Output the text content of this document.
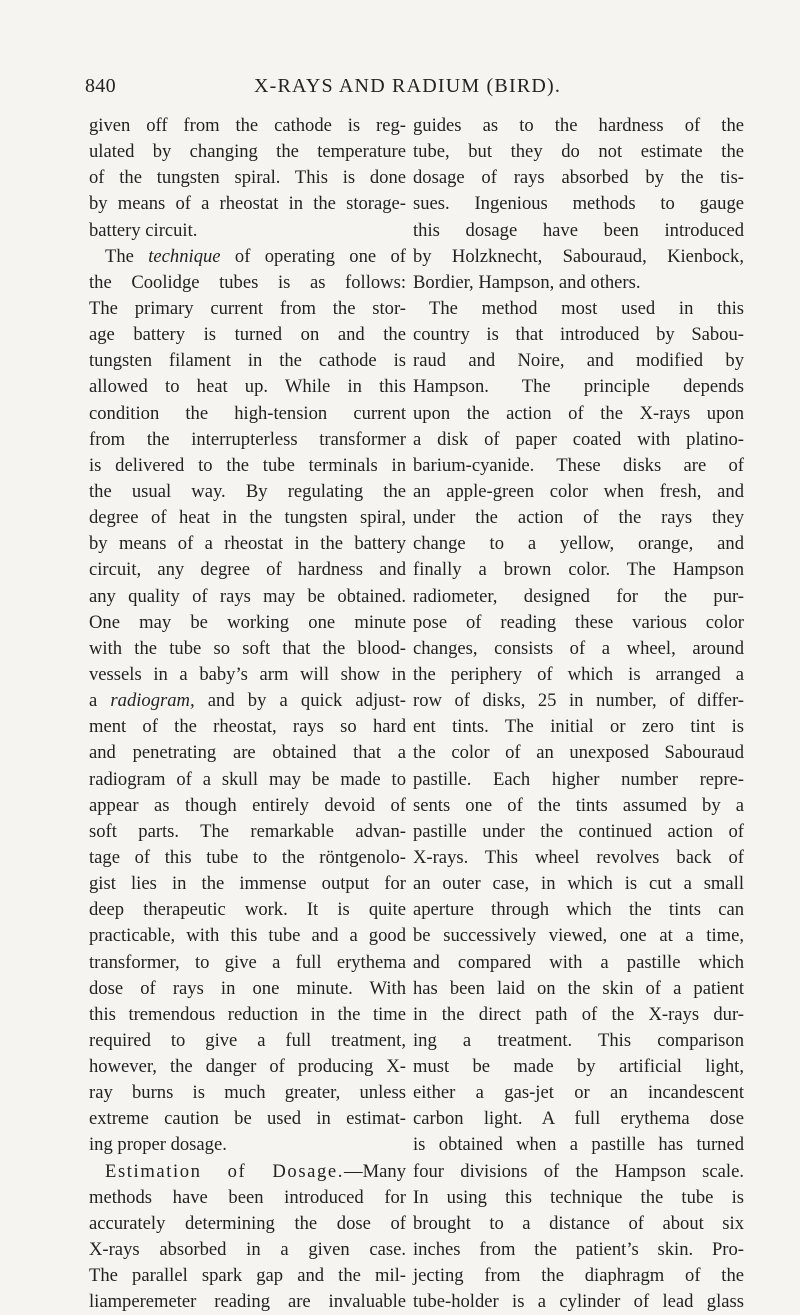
840	X-RAYS AND RADIUM (BIRD).
given off from the cathode is reg-
ulated by changing the temperature
of the tungsten spiral. This is done
by means of a rheostat in the storage-
battery circuit.
The technique of operating one of
the Coolidge tubes is as follows:
The primary current from the stor-
age battery is turned on and the
tungsten filament in the cathode is
allowed to heat up. While in this
condition the high-tension current
from the interrupterless transformer
is delivered to the tube terminals in
the usual way. By regulating the
degree of heat in the tungsten spiral,
by means of a rheostat in the battery
circuit, any degree of hardness and
any quality of rays may be obtained.
One may be working one minute
with the tube so soft that the blood-
vessels in a baby’s arm will show in
a radiogram, and by a quick adjust-
ment of the rheostat, rays so hard
and penetrating are obtained that a
radiogram of a skull may be made to
appear as though entirely devoid of
soft parts. The remarkable advan-
tage of this tube to the röntgenolo-
gist lies in the immense output for
deep therapeutic work. It is quite
practicable, with this tube and a good
transformer, to give a full erythema
dose of rays in one minute. With
this tremendous reduction in the time
required to give a full treatment,
however, the danger of producing X-
ray burns is much greater, unless
extreme caution be used in estimat-
ing proper dosage.
Estimation of Dosage.—Many
methods have been introduced for
accurately determining the dose of
X-rays absorbed in a given case.
The parallel spark gap and the mil-
liamperemeter reading are invaluable
guides as to the hardness of the
tube, but they do not estimate the
dosage of rays absorbed by the tis-
sues. Ingenious methods to gauge
this dosage have been introduced
by Holzknecht, Sabouraud, Kienbock,
Bordier, Hampson, and others.
The method most used in this
country is that introduced by Sabou-
raud and Noire, and modified by
Hampson. The principle depends
upon the action of the X-rays upon
a disk of paper coated with platino-
barium-cyanide. These disks are of
an apple-green color when fresh, and
under the action of the rays they
change to a yellow, orange, and
finally a brown color. The Hampson
radiometer, designed for the pur-
pose of reading these various color
changes, consists of a wheel, around
the periphery of which is arranged a
row of disks, 25 in number, of differ-
ent tints. The initial or zero tint is
the color of an unexposed Sabouraud
pastille. Each higher number repre-
sents one of the tints assumed by a
pastille under the continued action of
X-rays. This wheel revolves back of
an outer case, in which is cut a small
aperture through which the tints can
be successively viewed, one at a time,
and compared with a pastille which
has been laid on the skin of a patient
in the direct path of the X-rays dur-
ing a treatment. This comparison
must be made by artificial light,
either a gas-jet or an incandescent
carbon light. A full erythema dose
is obtained when a pastille has turned
four divisions of the Hampson scale.
In using this technique the tube is
brought to a distance of about six
inches from the patient’s skin. Pro-
jecting from the diaphragm of the
tube-holder is a cylinder of lead glass
